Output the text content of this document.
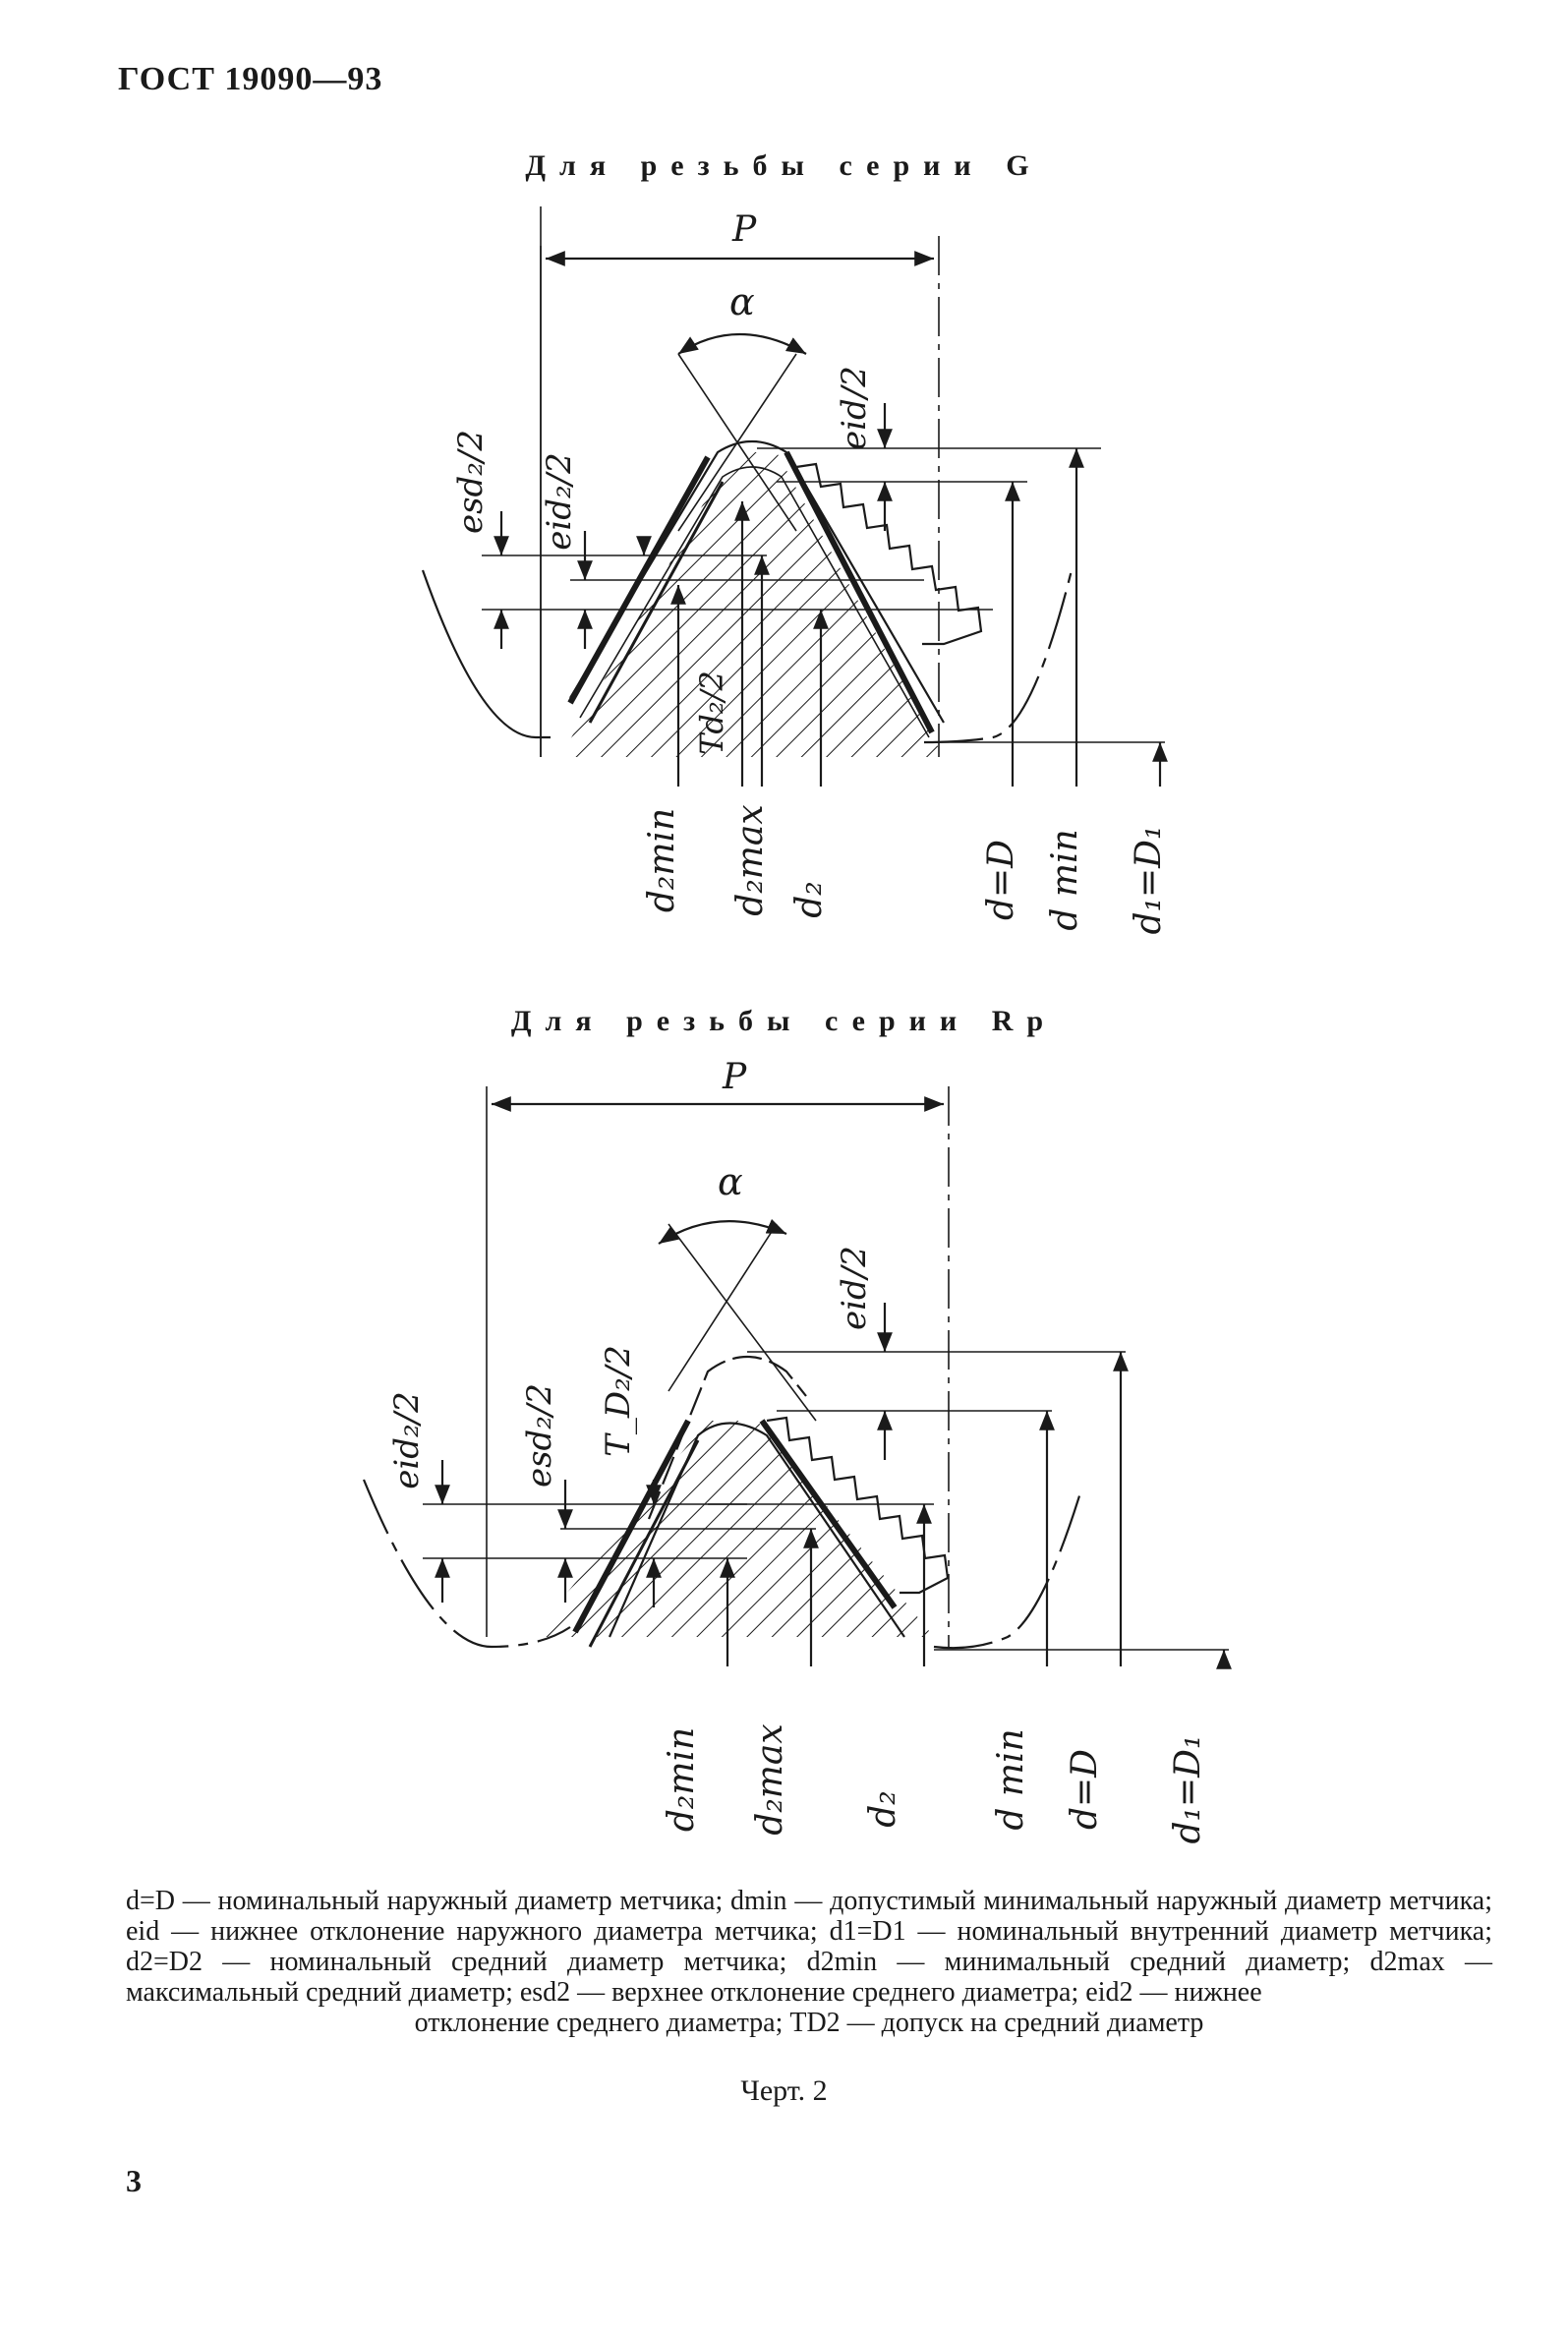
ГОСТ 19090—93
Для резьбы серии G
P
α
eid/2
esd₂/2 eid₂/2
Td₂/2
d₂min d₂max d₂	d=D d min d₁=D₁
Для резьбы серии Rp
P
α
eid/2
eid₂/2	esd₂/2 T_D₂/2
d₂min d₂max d₂ d min d=D d₁=D₁

d=D — номинальный наружный диаметр метчика; dmin — допустимый минимальный наружный диаметр метчика; eid — нижнее отклонение наружного диаметра метчика; d1=D1 — номинальный внутренний диаметр метчика; d2=D2 — номинальный средний диаметр метчика; d2min — минимальный средний диаметр; d2max — максимальный средний диаметр; esd2 — верхнее отклонение среднего диаметра; eid2 — нижнее

отклонение среднего диаметра; TD2 — допуск на средний диаметр

Черт. 2
3
